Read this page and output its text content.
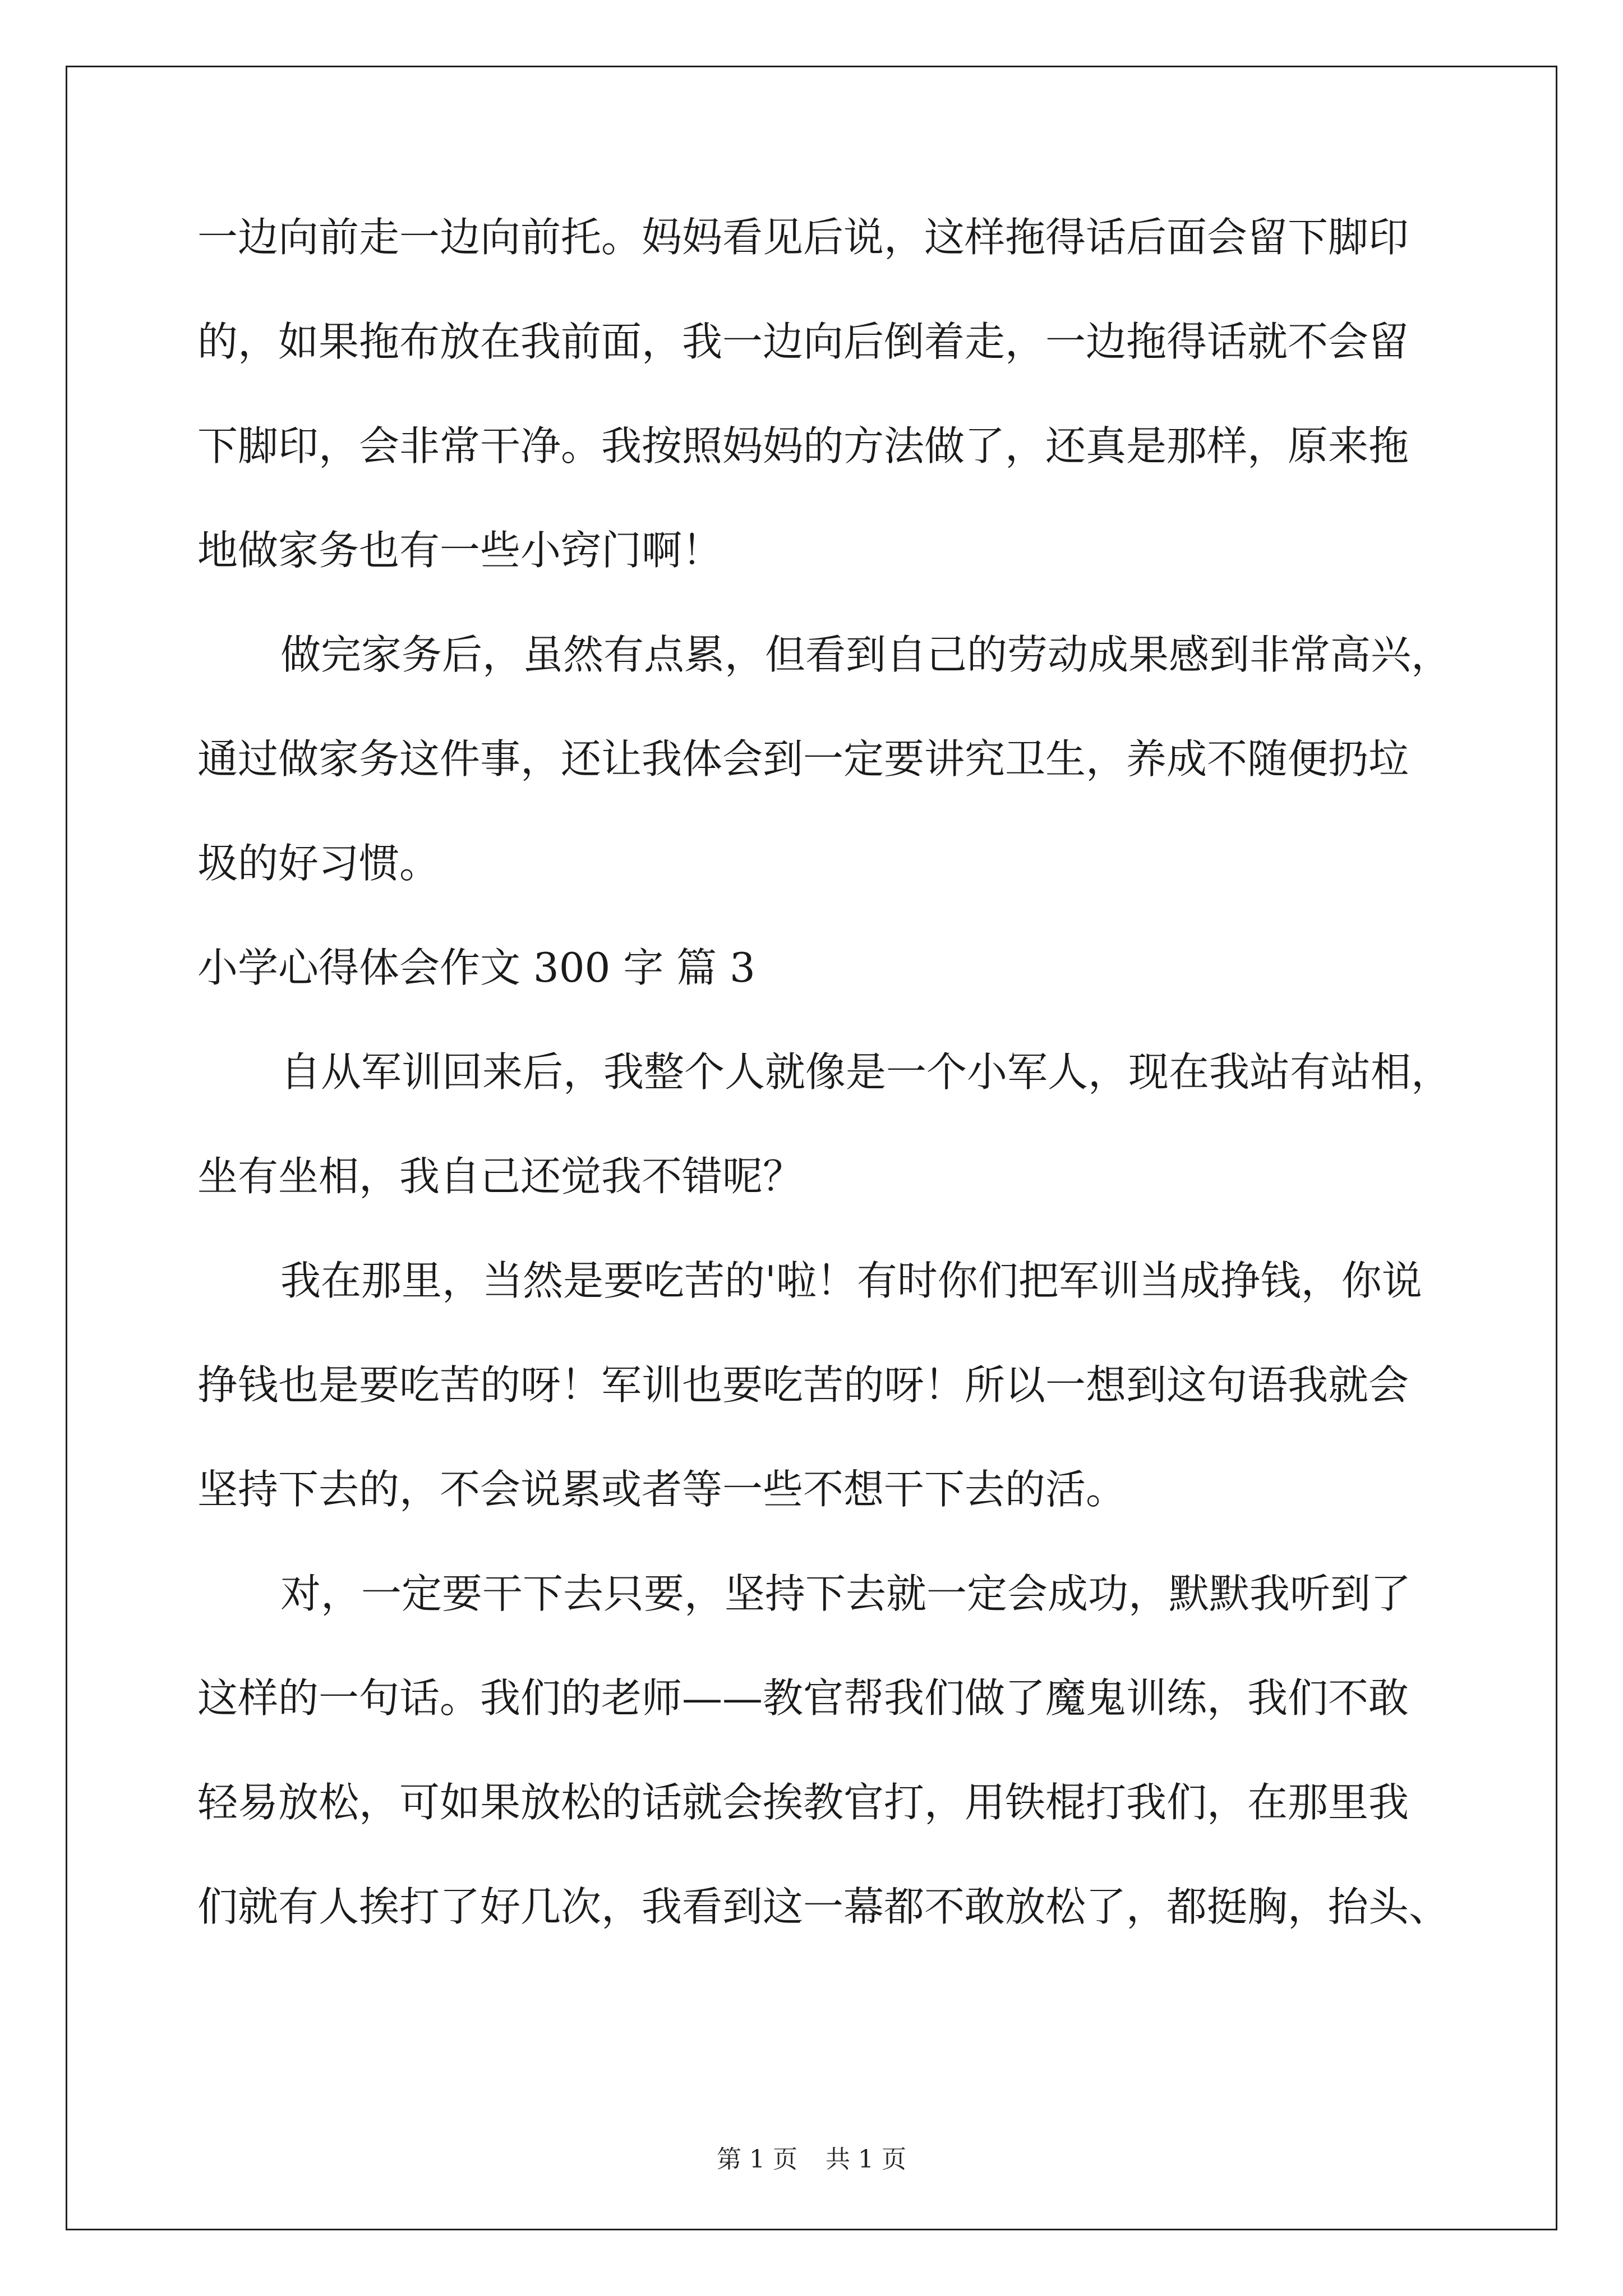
一边向前走一边向前托。妈妈看见后说，这样拖得话后面会留下脚印
的，如果拖布放在我前面，我一边向后倒着走，一边拖得话就不会留
下脚印，会非常干净。我按照妈妈的方法做了，还真是那样，原来拖
地做家务也有一些小窍门啊！
做完家务后，虽然有点累，但看到自己的劳动成果感到非常高兴，
通过做家务这件事，还让我体会到一定要讲究卫生，养成不随便扔垃
圾的好习惯。
小学心得体会作文 300 字 篇 3
自从军训回来后，我整个人就像是一个小军人，现在我站有站相，
坐有坐相，我自己还觉我不错呢？
我在那里，当然是要吃苦的'啦！有时你们把军训当成挣钱，你说
挣钱也是要吃苦的呀！军训也要吃苦的呀！所以一想到这句语我就会
坚持下去的，不会说累或者等一些不想干下去的活。
对，一定要干下去只要，坚持下去就一定会成功，默默我听到了
这样的一句话。我们的老师——教官帮我们做了魔鬼训练，我们不敢
轻易放松，可如果放松的话就会挨教官打，用铁棍打我们，在那里我
们就有人挨打了好几次，我看到这一幕都不敢放松了，都挺胸，抬头、
第 1 页 共 1 页
